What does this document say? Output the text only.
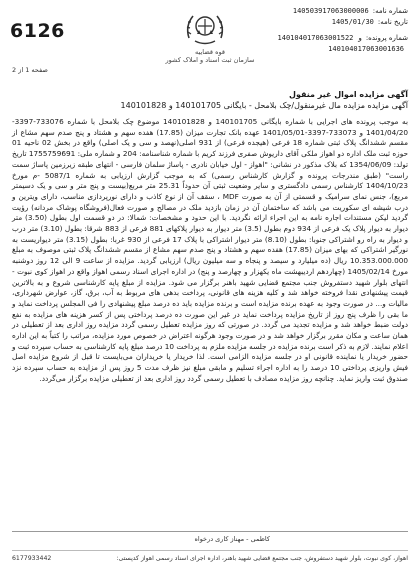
6126
قوه قضاییه
سازمان ثبت اسناد و املاک کشور
شماره نامه:
140503917063000006
تاریخ نامه:
1405/01/30
شماره پرونده:
140104017063001522 و
140104017063001636
صفحه 1 از 2
آگهی مزایده اموال غیر منقول
آگهی مزایده مزایده مال غیرمنقول/چک بلامحل - بایگانی 140101705 و 140101828
به موجب پرونده های اجرایی با شماره بایگانی 140101705 و 140101828 موضوع چک بلامحل با شماره 733076-3397-1401/04/20 و 733073-3397-1401/05/01 عهده بانک تجارت میزان (17.85) هفده سهم و هشتاد و پنج صدم سهم مشاع از مقسم ششدانگ پلاک ثبتی شماره 18 فرعی (هیجده فرعی) از 931 اصلی(نهصد و سی و یک اصلی) واقع در بخش 02 ناحیه 01 حوزه ثبت ملک اداره دو اهواز ملکی آقای داریوش صفری فرزند کریم با شماره شناسنامه: 204 و شماره ملی: 1755759691 تاریخ تولد: 1354/06/09 که بلاک مذکور در نشانی: "اهواز - اول خیابان نادری - پاساژ سلمان فارسی - انتهای طبقه زیرزمین پاساژ سمت راست" (طبق مندرجات پرونده و گزارش کارشناس رسمی) که به موجب گزارش ارزیابی به شماره 5087/1 -م مورخ 1404/10/23 کارشناس رسمی دادگستری و سایر وضعیت ثبتی آن حدوداً 25.31 متر مربع(بیست و پنج متر و سی و یک دسیمتر مربع)، جنس نمای سرامیک و قسمتی از آن به صورت MDF ، سقف آن از نوع کاذب و دارای نورپردازی مناسب، دارای ویترین و درب شیشه ای سکوریت می باشد که ساختمان آن در زمان بازدید ملک در مصالح و صورت فعال(فروشگاه پوشاک مردانه) رؤیت گردید لیکن مستندات اجاره نامه به این اجراء ارائه نگردید. با این حدود و مشخصات: شمالا: در دو قسمت اول بطول (3.50) متر دیوار به دیوار پلاک یک فرعی از 934 دوم بطول (3.5) متر دیوار به دیوار پلاکهای 881 فرعی از 883 شرقا: بطول (3.10) متر درب و دیوار به راه رو اشتراکی جنوبا: بطول (8.10) متر دیوار اشتراکی با پلاک 17 فرعی از 930 غربا: بطول (3.15) متر دیواریست به نورگیر اشتراکی که بهای میزان (17.85) هفده سهم و هشتاد و پنج صدم سهم مشاع از مقسم ششدانگ پلاک ثبتی موصوف به مبلغ 10.353.000.000 ریال (ده میلیارد و سیصد و پنجاه و سه میلیون ریال) ارزیابی گردید. مزایده از ساعت 9 الی 12 روز دوشنبه مورخ 1405/02/14 (چهاردهم اردیبهشت ماه یکهزار و چهارصد و پنج) در اداره اجرای اسناد رسمی اهواز واقع در اهواز کوی نبوت - انتهای بلوار شهید دستفروش جنب مجتمع قضایی شهید باهنر برگزار می شود. مزایده از مبلغ پایه کارشناسی شروع و به بالاترین قیمت پیشنهادی نقدا فروخته خواهد شد و کلیه هزینه های قانونی، پرداخت بدهی های مربوط به آب، برق، گاز، عوارض شهرداری، مالیات و... در صورت وجود به عهده برنده مزایده است و برنده مزایده باید ده درصد مبلغ پیشنهادی را فی المجلس پرداخت نماید و ما بقی را ظرف پنج روز از تاریخ مزایده پرداخت نماید در غیر این صورت ده درصد پرداختی پس از کسر هزینه های مزایده به نفع دولت ضبط خواهد شد و مزایده تجدید می گردد. در صورتی که روز مزایده تعطیل رسمی گردد مزایده روز اداری بعد از تعطیلی در همان ساعت و مکان مقرر برگزار خواهد شد و در صورت وجود هرگونه اعتراض در خصوص مورد مزایده، مراتب را کتباً به این اداره اعلام نمایند. لازم به ذکر است برنده مزایده در جلسه مزایده ملزم به پرداخت 10 درصد مبلغ پایه کارشناسی به حساب سپرده ثبت و حضور خریدار یا نماینده قانونی او در جلسه مزایده الزامی است. لذا خریدار یا خریداران می‌بایست تا قبل از شروع مزایده اصل فیش واریزی پرداختی 10 درصد را به اداره اجراء تسلیم و مابقی مبلغ نیز ظرف مدت 5 روز پس از مزایده به حساب سپرده نزد صندوق ثبت واریز نماید. چنانچه روز مزایده مصادف با تعطیل رسمی گردد روز اداری بعد از تعطیلی مزایده برگزار می‌گردد.
کاظمی - مهناز کاری درخواه
اهواز، کوی نبوت، بلوار شهید دستفروش، جنب مجتمع قضایی شهید باهنر، اداره اجرای اسناد رسمی اهواز کدپستی:
6177933442
